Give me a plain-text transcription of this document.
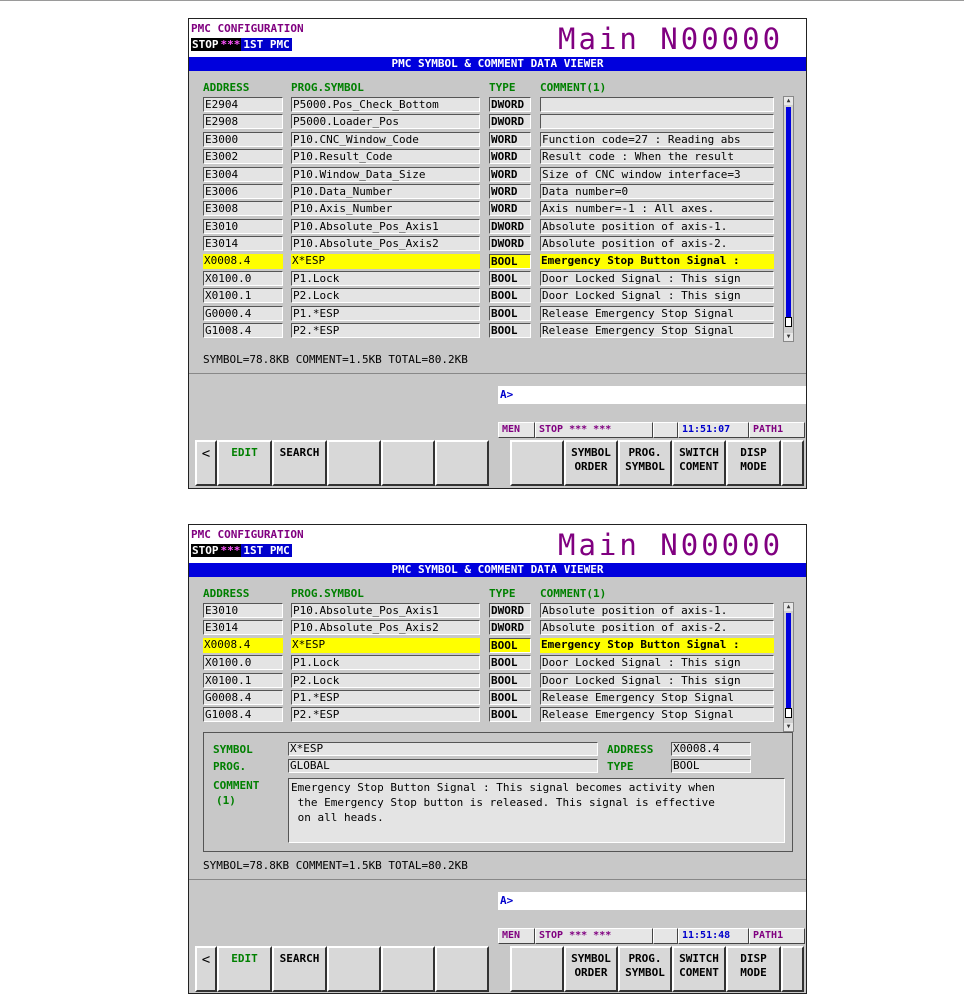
PMC CONFIGURATION
STOP *** 1ST PMC	Main N00000
PMC SYMBOL & COMMENT DATA VIEWER
ADDRESS	PROG.SYMBOL	TYPE COMMENT(1)
E2904	P5000.Pos_Check_Bottom	DWORD
E2908	P5000.Loader_Pos	DWORD
E3000	P10.CNC_Window_Code	WORD	Function code=27 : Reading abs
E3002	P10.Result_Code	WORD	Result code : When the result
E3004	P10.Window_Data_Size	WORD	Size of CNC window interface=3
E3006	P10.Data_Number	WORD	Data number=0
E3008	P10.Axis_Number	WORD	Axis number=-1 : All axes.
E3010	P10.Absolute_Pos_Axis1	DWORD	Absolute position of axis-1.
E3014	P10.Absolute_Pos_Axis2	DWORD	Absolute position of axis-2.
X0008.4	X*ESP	BOOL	Emergency Stop Button Signal :
X0100.0	P1.Lock	BOOL	Door Locked Signal : This sign
X0100.1	P2.Lock	BOOL	Door Locked Signal : This sign
G0000.4	P1.*ESP	BOOL	Release Emergency Stop Signal
G1008.4	P2.*ESP	BOOL	Release Emergency Stop Signal
▲
▼
SYMBOL=78.8KB COMMENT=1.5KB TOTAL=80.2KB
A>
MEN	STOP *** ***	11:51:07	PATH1
<	EDIT	SEARCH	SYMBOL
ORDER
PROG.
SYMBOL
SWITCH
COMENT
DISP
MODE
PMC CONFIGURATION
STOP *** 1ST PMC	Main N00000
PMC SYMBOL & COMMENT DATA VIEWER
ADDRESS	PROG.SYMBOL	TYPE COMMENT(1)
E3010	P10.Absolute_Pos_Axis1	DWORD	Absolute position of axis-1.
E3014	P10.Absolute_Pos_Axis2	DWORD	Absolute position of axis-2.
X0008.4	X*ESP	BOOL	Emergency Stop Button Signal :
X0100.0	P1.Lock	BOOL	Door Locked Signal : This sign
X0100.1	P2.Lock	BOOL	Door Locked Signal : This sign
G0008.4	P1.*ESP	BOOL	Release Emergency Stop Signal
G1008.4	P2.*ESP	BOOL	Release Emergency Stop Signal
▲
▼
SYMBOL	X*ESP
PROG.	GLOBAL
ADDRESS X0008.4
TYPE	BOOL
COMMENT
(1)
Emergency Stop Button Signal : This signal becomes activity when
the Emergency Stop button is released. This signal is effective
on all heads.
SYMBOL=78.8KB COMMENT=1.5KB TOTAL=80.2KB
A>
MEN	STOP *** ***	11:51:48	PATH1
<	EDIT	SEARCH	SYMBOL
ORDER
PROG.
SYMBOL
SWITCH
COMENT
DISP
MODE
